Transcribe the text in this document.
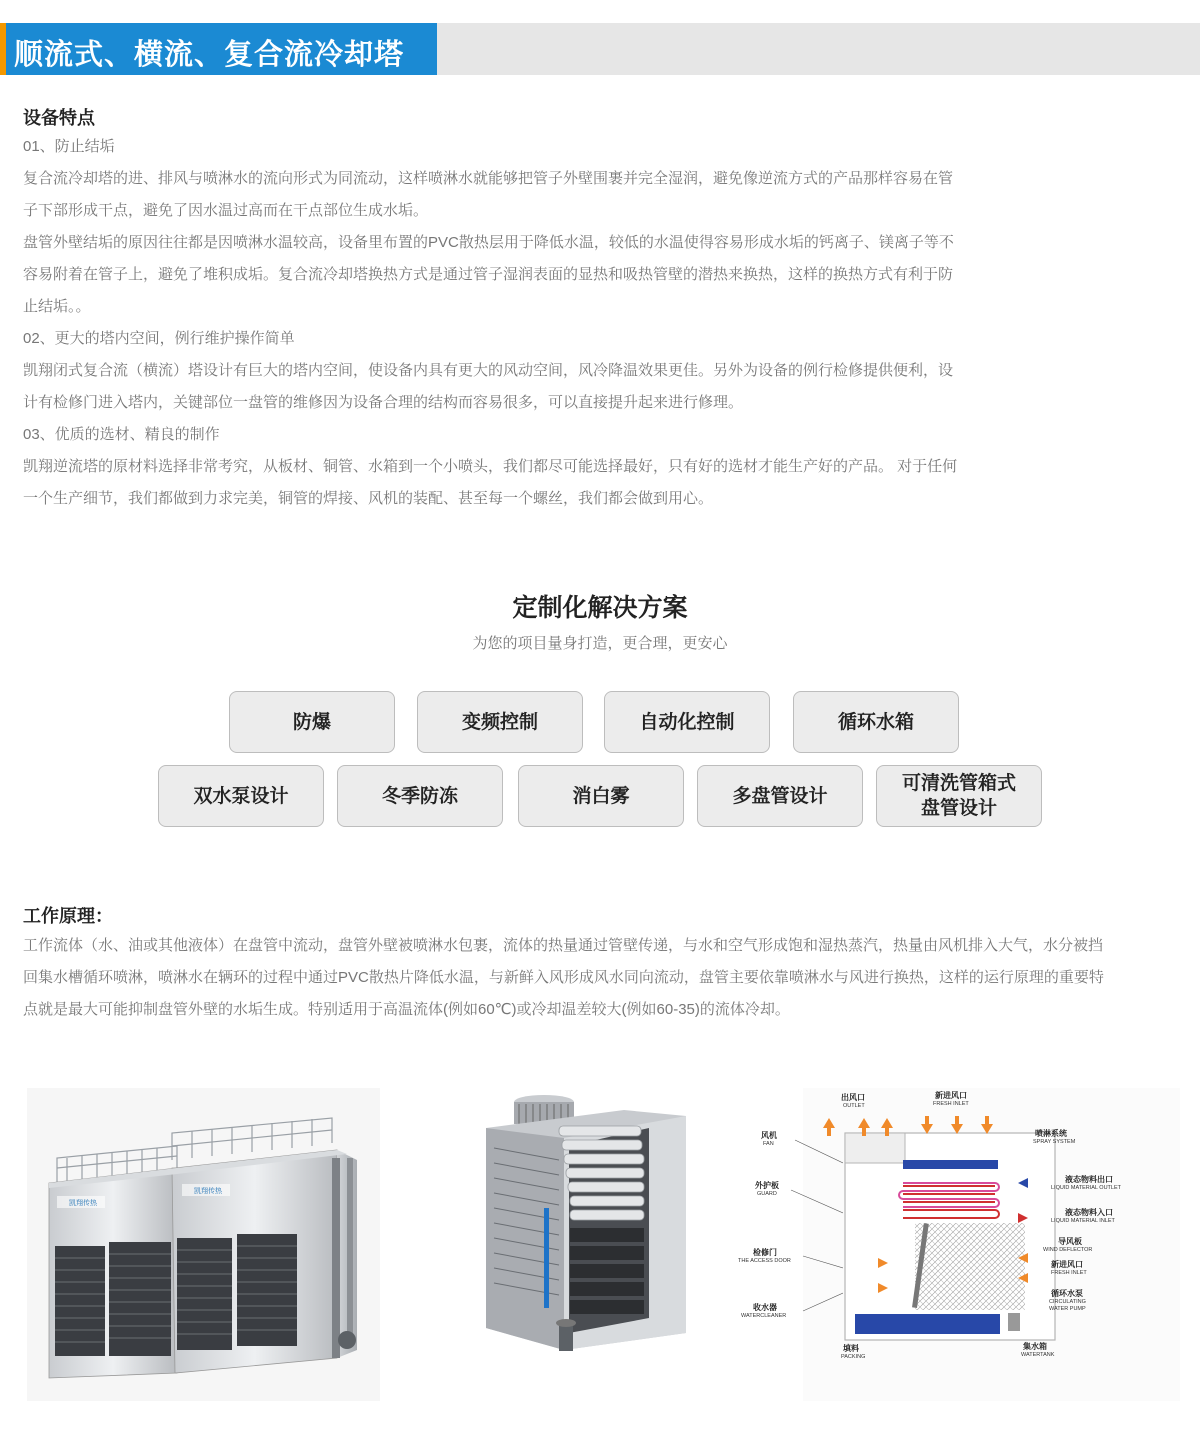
顺流式、横流、复合流冷却塔
设备特点
01、防止结垢
复合流冷却塔的进、排风与喷淋水的流向形式为同流动，这样喷淋水就能够把管子外壁围裹并完全湿润，避免像逆流方式的产品那样容易在管
子下部形成干点，避免了因水温过高而在干点部位生成水垢。
盘管外壁结垢的原因往往都是因喷淋水温较高，设备里布置的PVC散热层用于降低水温，较低的水温使得容易形成水垢的钙离子、镁离子等不
容易附着在管子上，避免了堆积成垢。复合流冷却塔换热方式是通过管子湿润表面的显热和吸热管壁的潜热来换热，这样的换热方式有利于防
止结垢。。
02、更大的塔内空间，例行维护操作简单
凯翔闭式复合流（横流）塔设计有巨大的塔内空间，使设备内具有更大的风动空间，风冷降温效果更佳。另外为设备的例行检修提供便利，设
计有检修门进入塔内，关键部位一盘管的维修因为设备合理的结构而容易很多，可以直接提升起来进行修理。
03、优质的选材、精良的制作
凯翔逆流塔的原材料选择非常考究，从板材、铜管、水箱到一个小喷头，我们都尽可能选择最好，只有好的选材才能生产好的产品。 对于任何
一个生产细节，我们都做到力求完美，铜管的焊接、风机的装配、甚至每一个螺丝，我们都会做到用心。
定制化解决方案
为您的项目量身打造，更合理，更安心
防爆	变频控制	自动化控制	循环水箱
双水泵设计	冬季防冻	消白雾	多盘管设计
可清洗管箱式
盘管设计
工作原理：
工作流体（水、油或其他液体）在盘管中流动，盘管外壁被喷淋水包裹，流体的热量通过管壁传递，与水和空气形成饱和湿热蒸汽，热量由风机排入大气，水分被挡
回集水槽循环喷淋，喷淋水在辆环的过程中通过PVC散热片降低水温，与新鲜入风形成风水同向流动，盘管主要依靠喷淋水与风进行换热，这样的运行原理的重要特
点就是最大可能抑制盘管外壁的水垢生成。特别适用于高温流体(例如60℃)或冷却温差较大(例如60-35)的流体冷却。
凯翔传热
凯翔传热
出风口
OUTLET
新进风口
FRESH INLET
喷淋系统
SPRAY SYSTEM
液态物料出口
LIQUID MATERIAL OUTLET
液态物料入口
LIQUID MATERIAL INLET
导风板
WIND DEFLECTOR
新进风口
FRESH INLET
循环水泵
CIRCULATING
WATER PUMP
集水箱
WATERTANK
填料
PACKING
风机
FAN
外护板
GUARD
检修门
THE ACCESS DOOR
收水器
WATERCLEANER
